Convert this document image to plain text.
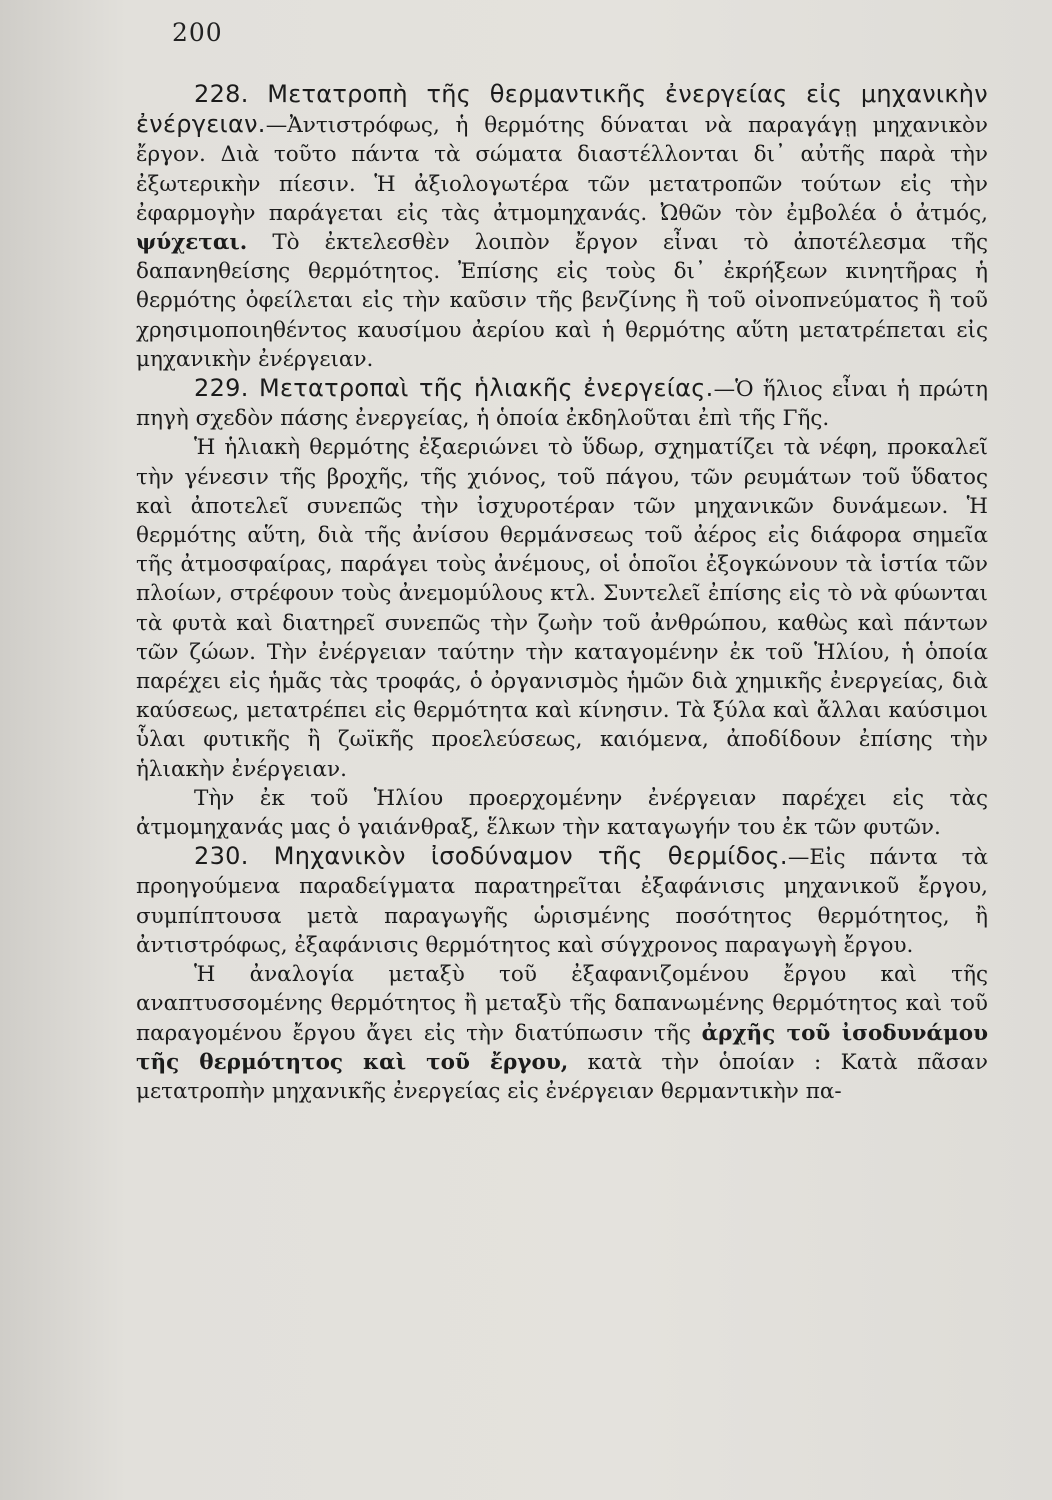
200

228. Μετατροπὴ τῆς θερμαντικῆς ἐνεργείας εἰς μηχανικὴν ἐνέργειαν.—Ἀντιστρόφως, ἡ θερμότης δύναται νὰ παραγάγῃ μηχανικὸν ἔργον. Διὰ τοῦτο πάντα τὰ σώματα διαστέλλονται δι᾽ αὐτῆς παρὰ τὴν ἐξωτερικὴν πίεσιν. Ἡ ἀξιολογωτέρα τῶν μετατροπῶν τούτων εἰς τὴν ἐφαρμογὴν παράγεται εἰς τὰς ἀτμομηχανάς. Ὠθῶν τὸν ἐμβολέα ὁ ἀτμός, ψύχεται. Τὸ ἐκτελεσθὲν λοιπὸν ἔργον εἶναι τὸ ἀποτέλεσμα τῆς δαπανηθείσης θερμότητος. Ἐπίσης εἰς τοὺς δι᾽ ἐκρήξεων κινητῆρας ἡ θερμότης ὀφείλεται εἰς τὴν καῦσιν τῆς βενζίνης ἢ τοῦ οἰνοπνεύματος ἢ τοῦ χρησιμοποιηθέντος καυσίμου ἀερίου καὶ ἡ θερμότης αὕτη μετατρέπεται εἰς μηχανικὴν ἐνέργειαν.

229. Μετατροπαὶ τῆς ἡλιακῆς ἐνεργείας.—Ὁ ἥλιος εἶναι ἡ πρώτη πηγὴ σχεδὸν πάσης ἐνεργείας, ἡ ὁποία ἐκδηλοῦται ἐπὶ τῆς Γῆς.

Ἡ ἡλιακὴ θερμότης ἐξαεριώνει τὸ ὕδωρ, σχηματίζει τὰ νέφη, προκαλεῖ τὴν γένεσιν τῆς βροχῆς, τῆς χιόνος, τοῦ πάγου, τῶν ρευμάτων τοῦ ὕδατος καὶ ἀποτελεῖ συνεπῶς τὴν ἰσχυροτέραν τῶν μηχανικῶν δυνάμεων. Ἡ θερμότης αὕτη, διὰ τῆς ἀνίσου θερμάνσεως τοῦ ἀέρος εἰς διάφορα σημεῖα τῆς ἀτμοσφαίρας, παράγει τοὺς ἀνέμους, οἱ ὁποῖοι ἐξογκώνουν τὰ ἱστία τῶν πλοίων, στρέφουν τοὺς ἀνεμομύλους κτλ. Συντελεῖ ἐπίσης εἰς τὸ νὰ φύωνται τὰ φυτὰ καὶ διατηρεῖ συνεπῶς τὴν ζωὴν τοῦ ἀνθρώπου, καθὼς καὶ πάντων τῶν ζώων. Τὴν ἐνέργειαν ταύτην τὴν καταγομένην ἐκ τοῦ Ἡλίου, ἡ ὁποία παρέχει εἰς ἡμᾶς τὰς τροφάς, ὁ ὀργανισμὸς ἡμῶν διὰ χημικῆς ἐνεργείας, διὰ καύσεως, μετατρέπει εἰς θερμότητα καὶ κίνησιν. Τὰ ξύλα καὶ ἄλλαι καύσιμοι ὗλαι φυτικῆς ἢ ζωϊκῆς προελεύσεως, καιόμενα, ἀποδίδουν ἐπίσης τὴν ἡλιακὴν ἐνέργειαν.

Τὴν ἐκ τοῦ Ἡλίου προερχομένην ἐνέργειαν παρέχει εἰς τὰς ἀτμομηχανάς μας ὁ γαιάνθραξ, ἕλκων τὴν καταγωγήν του ἐκ τῶν φυτῶν.

230. Μηχανικὸν ἰσοδύναμον τῆς θερμίδος.—Εἰς πάντα τὰ προηγούμενα παραδείγματα παρατηρεῖται ἐξαφάνισις μηχανικοῦ ἔργου, συμπίπτουσα μετὰ παραγωγῆς ὡρισμένης ποσότητος θερμότητος, ἢ ἀντιστρόφως, ἐξαφάνισις θερμότητος καὶ σύγχρονος παραγωγὴ ἔργου.

Ἡ ἀναλογία μεταξὺ τοῦ ἐξαφανιζομένου ἔργου καὶ τῆς αναπτυσσομένης θερμότητος ἢ μεταξὺ τῆς δαπανωμένης θερμότητος καὶ τοῦ παραγομένου ἔργου ἄγει εἰς τὴν διατύπωσιν τῆς ἀρχῆς τοῦ ἰσοδυνάμου τῆς θερμότητος καὶ τοῦ ἔργου, κατὰ τὴν ὁποίαν : Κατὰ πᾶσαν μετατροπὴν μηχανικῆς ἐνεργείας εἰς ἐνέργειαν θερμαντικὴν πα-
